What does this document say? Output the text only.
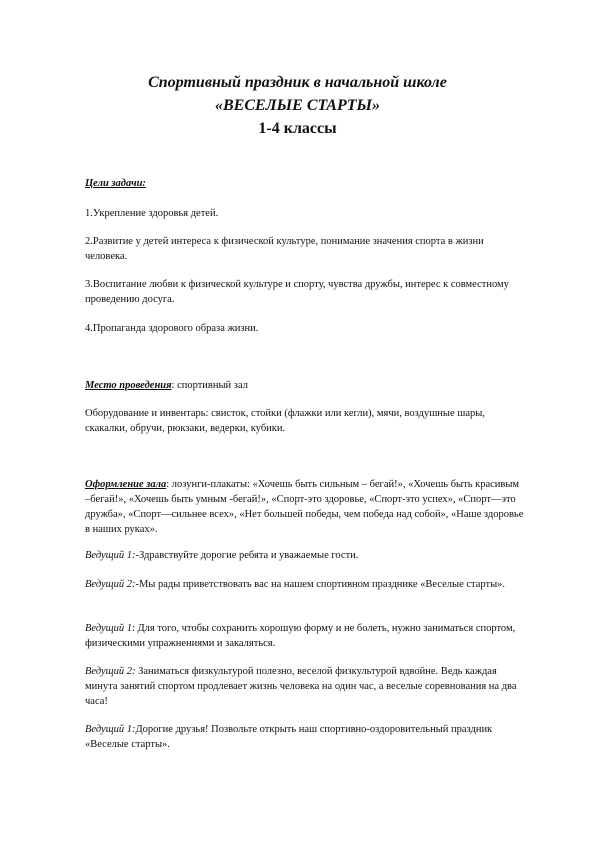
Спортивный праздник в начальной школе
«ВЕСЕЛЫЕ СТАРТЫ»
1-4 классы
Цели задачи:
1.Укрепление здоровья детей.
2.Развитие у детей интереса к физической культуре, понимание значения спорта в жизни человека.
3.Воспитание любви к физической культуре и спорту, чувства дружбы, интерес к совместному проведению досуга.
4.Пропаганда здорового образа жизни.
Место проведения: спортивный зал
Оборудование и инвентарь: свисток, стойки (флажки или кегли), мячи, воздушные шары, скакалки, обручи, рюкзаки, ведерки, кубики.
Оформление зала: лозунги-плакаты: «Хочешь быть сильным – бегай!», «Хочешь быть красивым –бегай!», «Хочешь быть умным -бегай!», «Спорт-это здоровье, «Спорт-это успех», «Спорт—это дружба», «Спорт—сильнее всех», «Нет большей победы, чем победа над собой», «Наше здоровье в наших руках».
Ведущий 1:-Здравствуйте дорогие ребята и уважаемые гости.
Ведущий 2:-Мы рады приветствовать вас на нашем спортивном празднике «Веселые старты».
Ведущий 1: Для того, чтобы сохранить хорошую форму и не болеть, нужно заниматься спортом, физическими упражнениями и закаляться.
Ведущий 2: Заниматься физкультурой полезно, веселой физкультурой вдвойне. Ведь каждая минута занятий спортом продлевает жизнь человека на один час, а веселые соревнования на два часа!
Ведущий 1:Дорогие друзья! Позвольте открыть наш спортивно-оздоровительный праздник «Веселые старты».
